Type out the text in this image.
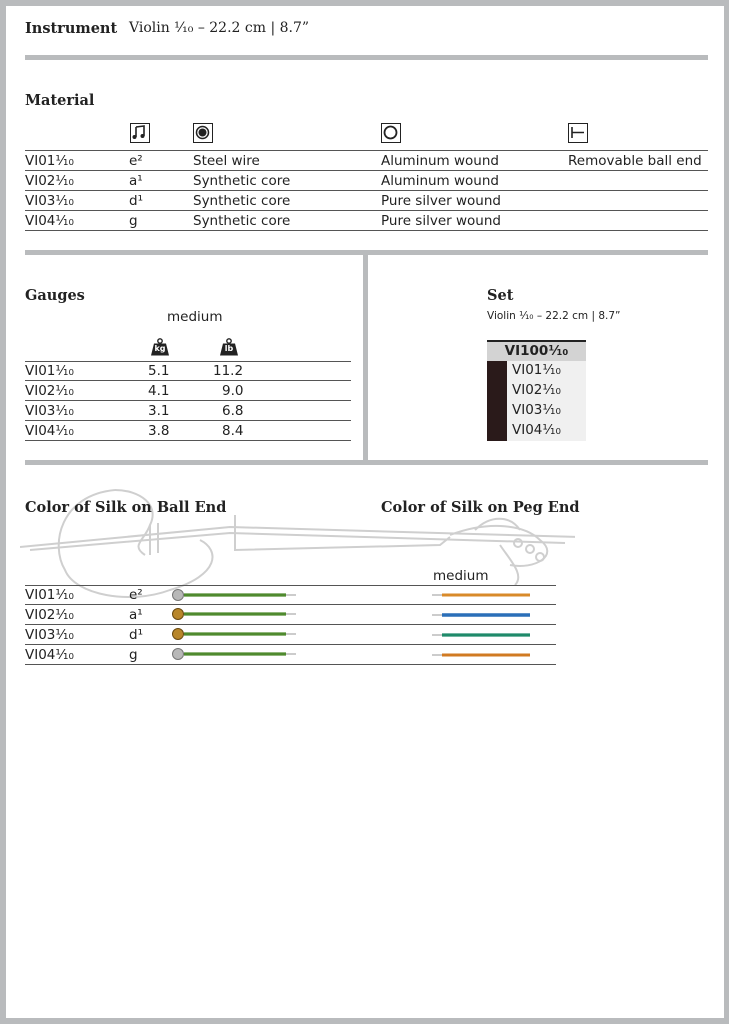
Instrument Violin ¹⁄₁₀ – 22.2 cm | 8.7”
Material
VI01¹⁄₁₀	e²	Steel wire	Aluminum wound	Removable ball end
VI02¹⁄₁₀	a¹	Synthetic core	Aluminum wound
VI03¹⁄₁₀	d¹	Synthetic core	Pure silver wound
VI04¹⁄₁₀	g	Synthetic core	Pure silver wound
Gauges
medium
kg	lb
VI01¹⁄₁₀	5.1	11.2
VI02¹⁄₁₀	4.1	9.0
VI03¹⁄₁₀	3.1	6.8
VI04¹⁄₁₀	3.8	8.4
Set
Violin ¹⁄₁₀ – 22.2 cm | 8.7”
VI100¹⁄₁₀
VI01¹⁄₁₀
VI02¹⁄₁₀
VI03¹⁄₁₀
VI04¹⁄₁₀
Color of Silk on Ball End	Color of Silk on Peg End
medium
VI01¹⁄₁₀	e²
VI02¹⁄₁₀	a¹
VI03¹⁄₁₀	d¹
VI04¹⁄₁₀	g
